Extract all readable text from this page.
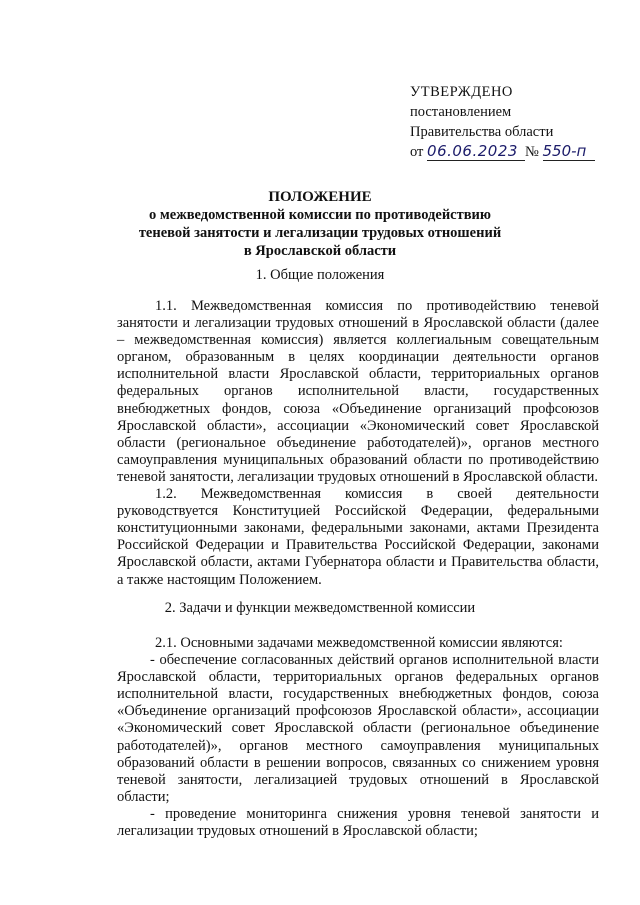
УТВЕРЖДЕНО
постановлением
Правительства области
от 06.06.2023 № 550-п
ПОЛОЖЕНИЕ
о межведомственной комиссии по противодействию
теневой занятости и легализации трудовых отношений
в Ярославской области
1. Общие положения

1.1. Межведомственная комиссия по противодействию теневой занятости и легализации трудовых отношений в Ярославской области (далее – межведомственная комиссия) является коллегиальным совещательным органом, образованным в целях координации деятельности органов исполнительной власти Ярославской области, территориальных органов федеральных органов исполнительной власти, государственных внебюджетных фондов, союза «Объединение организаций профсоюзов Ярославской области», ассоциации «Экономический совет Ярославской области (региональное объединение работодателей)», органов местного самоуправления муниципальных образований области по противодействию теневой занятости, легализации трудовых отношений в Ярославской области.

1.2. Межведомственная комиссия в своей деятельности руководствуется Конституцией Российской Федерации, федеральными конституционными законами, федеральными законами, актами Президента Российской Федерации и Правительства Российской Федерации, законами Ярославской области, актами Губернатора области и Правительства области, а также настоящим Положением.

2. Задачи и функции межведомственной комиссии

2.1. Основными задачами межведомственной комиссии являются:

- обеспечение согласованных действий органов исполнительной власти Ярославской области, территориальных органов федеральных органов исполнительной власти, государственных внебюджетных фондов, союза «Объединение организаций профсоюзов Ярославской области», ассоциации «Экономический совет Ярославской области (региональное объединение работодателей)», органов местного самоуправления муниципальных образований области в решении вопросов, связанных со снижением уровня теневой занятости, легализацией трудовых отношений в Ярославской области;

- проведение мониторинга снижения уровня теневой занятости и легализации трудовых отношений в Ярославской области;
